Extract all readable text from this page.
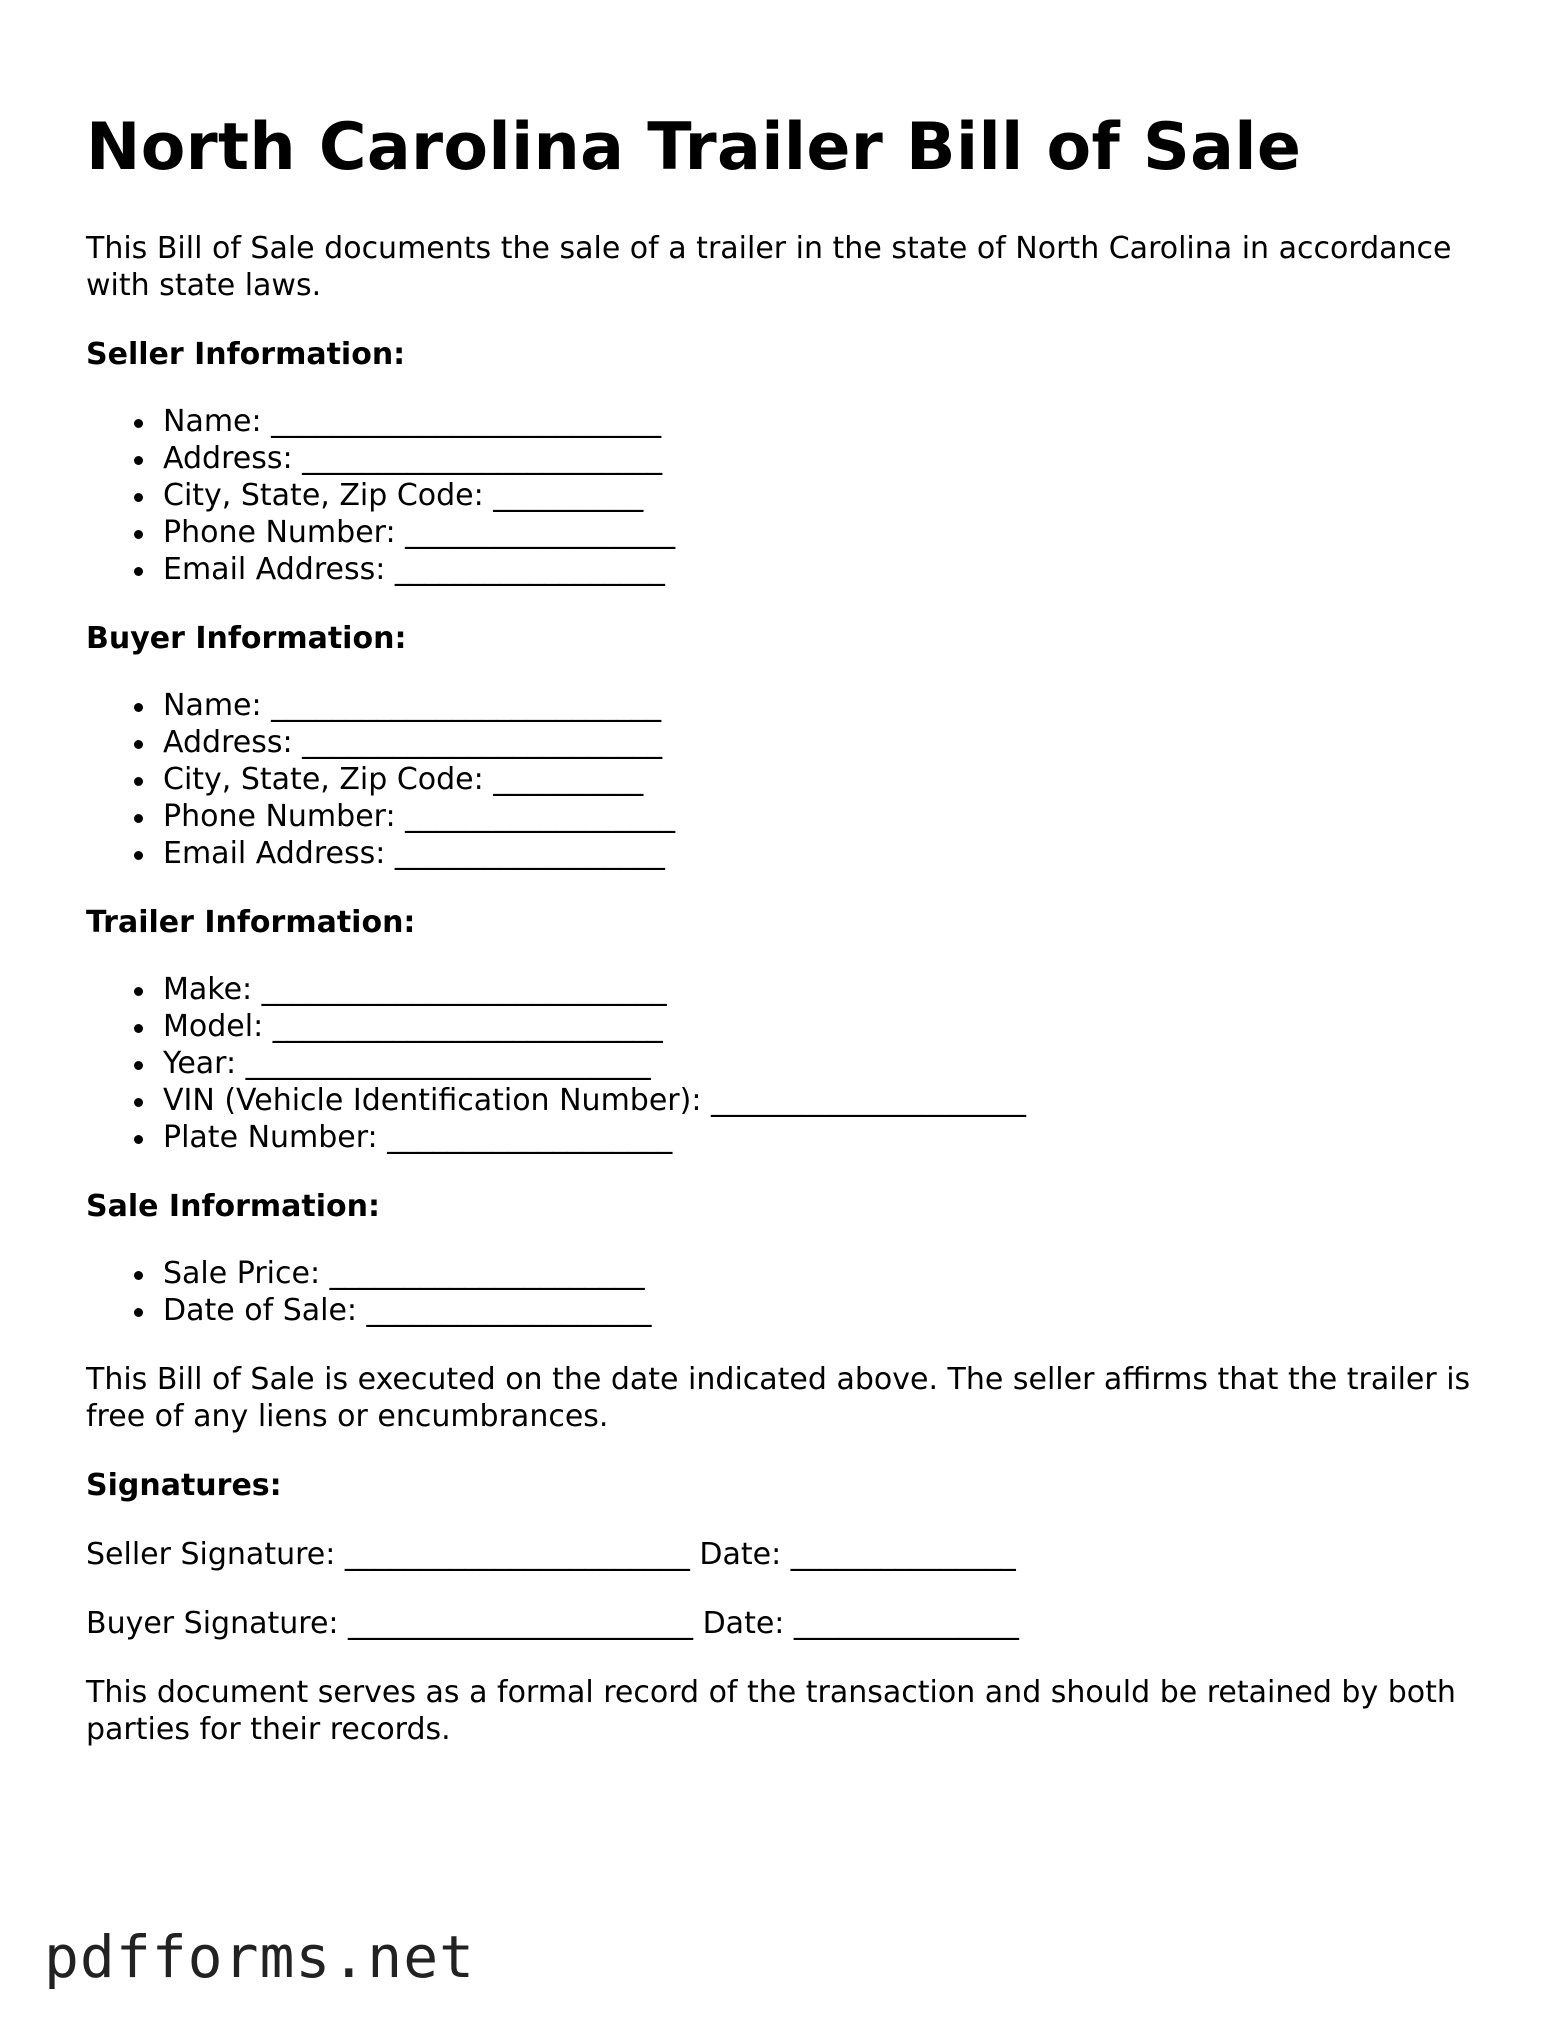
North Carolina Trailer Bill of Sale

This Bill of Sale documents the sale of a trailer in the state of North Carolina in accordance with state laws.

Seller Information:
Name: __________________________
Address: ________________________
City, State, Zip Code: __________
Phone Number: __________________
Email Address: __________________
Buyer Information:
Name: __________________________
Address: ________________________
City, State, Zip Code: __________
Phone Number: __________________
Email Address: __________________
Trailer Information:
Make: ___________________________
Model: __________________________
Year: ___________________________
VIN (Vehicle Identification Number): _____________________
Plate Number: ___________________
Sale Information:
Sale Price: _____________________
Date of Sale: ___________________

This Bill of Sale is executed on the date indicated above. The seller affirms that the trailer is free of any liens or encumbrances.

Signatures:
Seller Signature: _______________________ Date: _______________
Buyer Signature: _______________________ Date: _______________

This document serves as a formal record of the transaction and should be retained by both parties for their records.

pdfforms.net
